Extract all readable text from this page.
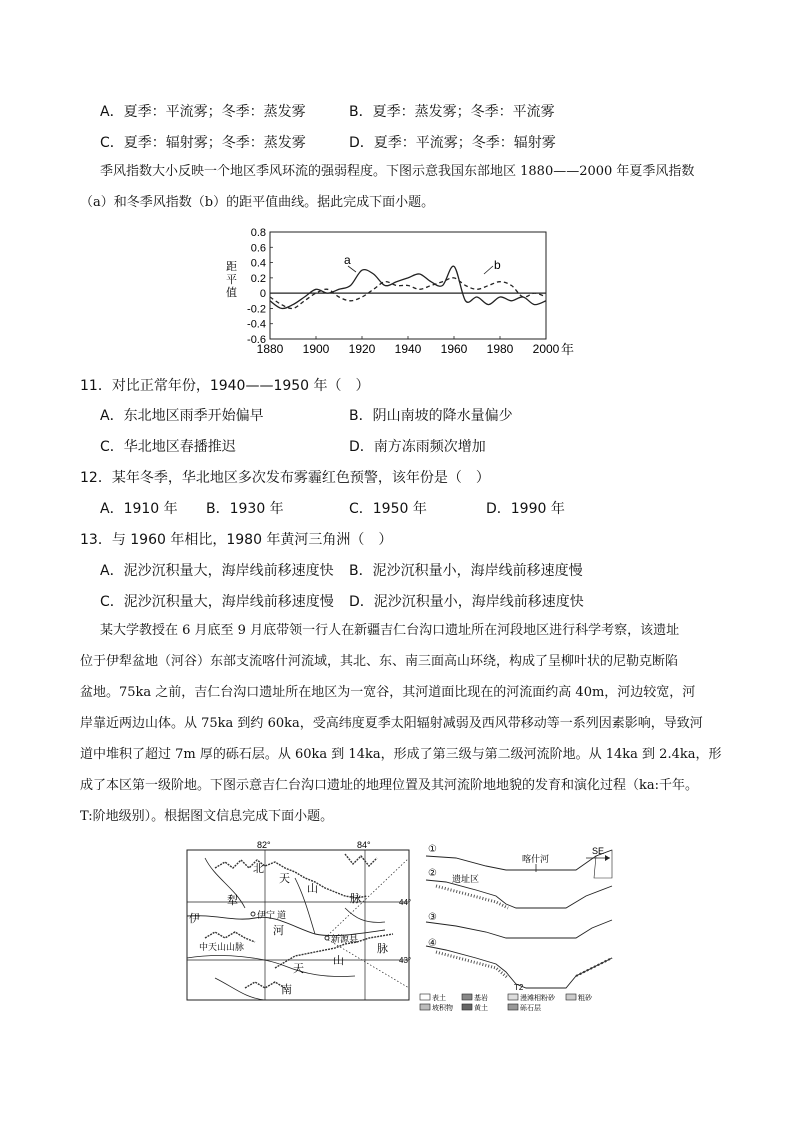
A．夏季：平流雾；冬季：蒸发雾	B．夏季：蒸发雾；冬季：平流雾
C．夏季：辐射雾；冬季：蒸发雾	D．夏季：平流雾；冬季：辐射雾
季风指数大小反映一个地区季风环流的强弱程度。下图示意我国东部地区 1880——2000 年夏季风指数
（a）和冬季风指数（b）的距平值曲线。据此完成下面小题。
0.8
0.6
0.4
0.2
0
-0.2
-0.4
-0.6
1880 1900 1920 1940 1960 1980 2000
a	b
距
平
值
年
11．对比正常年份，1940——1950 年（　）
A．东北地区雨季开始偏早	B．阴山南坡的降水量偏少
C．华北地区春播推迟	D．南方冻雨频次增加
12．某年冬季，华北地区多次发布雾霾红色预警，该年份是（　）
A．1910 年 B．1930 年	C．1950 年	D．1990 年
13．与 1960 年相比，1980 年黄河三角洲（　）
A．泥沙沉积量大，海岸线前移速度快 B．泥沙沉积量小，海岸线前移速度慢
C．泥沙沉积量大，海岸线前移速度慢 D．泥沙沉积量小，海岸线前移速度快
某大学教授在 6 月底至 9 月底带领一行人在新疆吉仁台沟口遗址所在河段地区进行科学考察，该遗址
位于伊犁盆地（河谷）东部支流喀什河流域，其北、东、南三面高山环绕，构成了呈柳叶状的尼勒克断陷
盆地。75ka 之前，吉仁台沟口遗址所在地区为一宽谷，其河道面比现在的河流面约高 40m，河边较宽，河
岸靠近两边山体。从 75ka 到约 60ka，受高纬度夏季太阳辐射减弱及西风带移动等一系列因素影响，导致河
道中堆积了超过 7m 厚的砾石层。从 60ka 到 14ka，形成了第三级与第二级河流阶地。从 14ka 到 2.4ka，形
成了本区第一级阶地。下图示意吉仁台沟口遗址的地理位置及其河流阶地地貌的发育和演化过程（ka:千年。
T:阶地级别）。根据图文信息完成下面小题。
82°	84°
44°
43°
北
天
山
脉
犁
伊	伊宁 道
河
中天山山脉
新源县
天
山
脉
南
①
②
③
④
喀什河
SE
遗址区
T2
表土
坡积物
基岩
黄土
漫滩相粉砂
砾石层
粗砂
